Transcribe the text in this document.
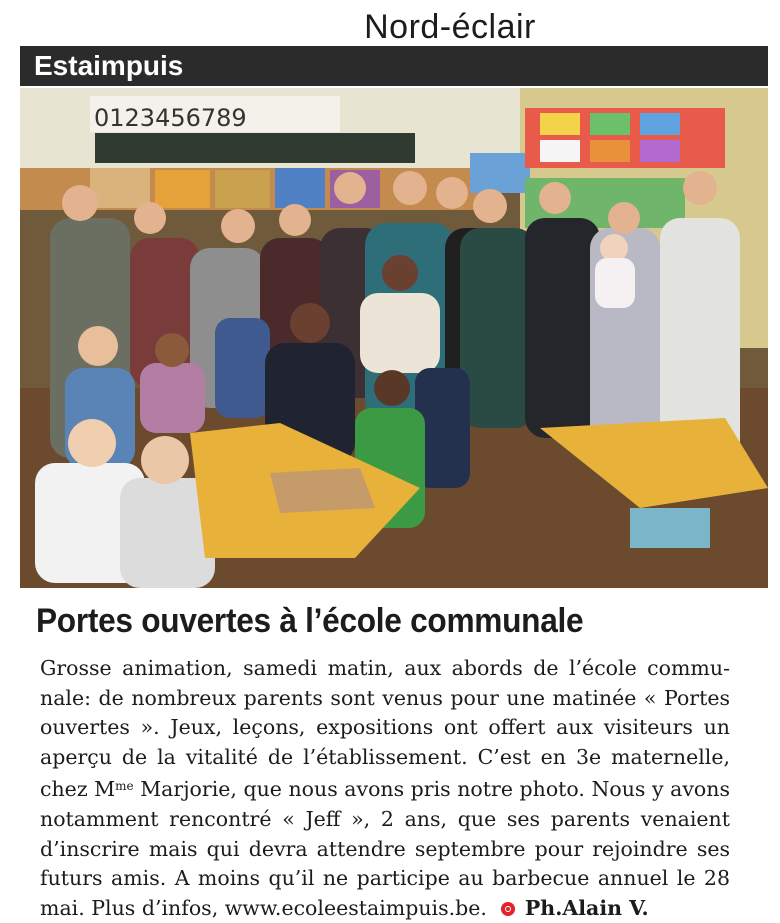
Nord-éclair
Estaimpuis
0123456789
Portes ouvertes à l’école communale

Grosse animation, samedi matin, aux abords de l’école commu- nale: de nombreux parents sont venus pour une matinée « Portes ouvertes ». Jeux, leçons, expositions ont offert aux visiteurs un aperçu de la vitalité de l’établissement. C’est en 3e maternelle, chez $M^{me}$ Marjorie, que nous avons pris notre photo. Nous y avons notamment rencontré « Jeff », 2 ans, que ses parents venaient d’inscrire mais qui devra attendre septembre pour rejoindre ses futurs amis. A moins qu’il ne participe au barbecue annuel le 28 mai. Plus d’infos, www.ecoleestaimpuis.be. Ph.Alain V.
